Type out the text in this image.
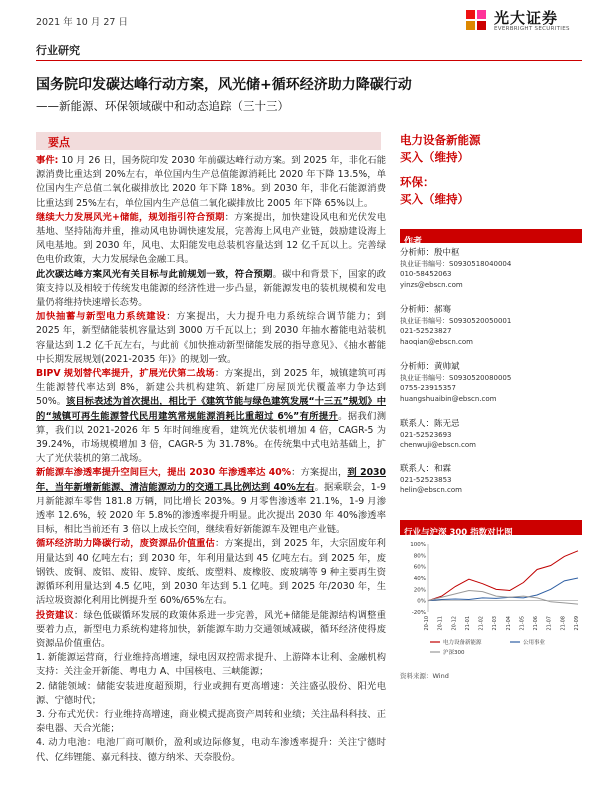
2021 年 10 月 27 日	光大证券
EVERBRIGHT SECURITIES
行业研究
国务院印发碳达峰行动方案，风光储+循环经济助力降碳行动
——新能源、环保领域碳中和动态追踪（三十三）
要点

事件: 10 月 26 日，国务院印发 2030 年前碳达峰行动方案。到 2025 年，非化石能源消费比重达到 20%左右，单位国内生产总值能源消耗比 2020 年下降 13.5%，单位国内生产总值二氧化碳排放比 2020 年下降 18%。到 2030 年，非化石能源消费比重达到 25%左右，单位国内生产总值二氧化碳排放比 2005 年下降 65%以上。

继续大力发展风光+储能，规划指引符合预期：方案提出，加快建设风电和光伏发电基地、坚持陆海并重，推动风电协调快速发展，完善海上风电产业链，鼓励建设海上风电基地。到 2030 年，风电、太阳能发电总装机容量达到 12 亿千瓦以上。完善绿色电价政策，大力发展绿色金融工具。

此次碳达峰方案风光有关目标与此前规划一致，符合预期。碳中和背景下，国家的政策支持以及相较于传统发电能源的经济性进一步凸显，新能源发电的装机规模和发电量仍将维持快速增长态势。

加快抽蓄与新型电力系统建设：方案提出，大力提升电力系统综合调节能力；到 2025 年，新型储能装机容量达到 3000 万千瓦以上；到 2030 年抽水蓄能电站装机容量达到 1.2 亿千瓦左右，与此前《加快推动新型储能发展的指导意见》、《抽水蓄能中长期发展规划(2021-2035 年)》的规划一致。

BIPV 规划替代率提升，扩展光伏第二战场：方案提出，到 2025 年，城镇建筑可再生能源替代率达到 8%，新建公共机构建筑、新建厂房屋顶光伏覆盖率力争达到 50%。该目标表述为首次提出，相比于《建筑节能与绿色建筑发展“十三五”规划》中的“城镇可再生能源替代民用建筑常规能源消耗比重超过 6%”有所提升。据我们测算，我们以 2021-2026 年 5 年时间维度看，建筑光伏装机增加 4 倍，CAGR-5 为 39.24%，市场规模增加 3 倍，CAGR-5 为 31.78%。在传统集中式电站基础上，扩大了光伏装机的第二战场。

新能源车渗透率提升空间巨大，提出 2030 年渗透率达 40%：方案提出，到 2030 年，当年新增新能源、清洁能源动力的交通工具比例达到 40%左右。据乘联会，1-9 月新能源车零售 181.8 万辆，同比增长 203%。9 月零售渗透率 21.1%，1-9 月渗透率 12.6%，较 2020 年 5.8%的渗透率提升明显。此次提出 2030 年 40%渗透率目标，相比当前还有 3 倍以上成长空间，继续看好新能源车及锂电产业链。

循环经济助力降碳行动，废资源品价值重估：方案提出，到 2025 年，大宗固废年利用量达到 40 亿吨左右；到 2030 年，年利用量达到 45 亿吨左右。到 2025 年，废钢铁、废铜、废铝、废铅、废锌、废纸、废塑料、废橡胶、废玻璃等 9 种主要再生资源循环利用量达到 4.5 亿吨，到 2030 年达到 5.1 亿吨。到 2025 年/2030 年，生活垃圾资源化利用比例提升至 60%/65%左右。

投资建议：绿色低碳循环发展的政策体系进一步完善，风光+储能是能源结构调整重要着力点，新型电力系统构建将加快，新能源车助力交通领域减碳，循环经济使得废资源品价值重估。

1. 新能源运营商，行业维持高增速，绿电因双控需求提升、上游降本让利、金融机构支持：关注金开新能、粤电力 A、中国核电、三峡能源；

2. 储能领域：储能安装进度超预期，行业或拥有更高增速：关注盛弘股份、阳光电源、宁德时代；

3. 分布式光伏：行业维持高增速，商业模式提高资产周转和业绩；关注晶科科技、正泰电器、天合光能；

4. 动力电池：电池厂商可顺价，盈利或边际修复，电动车渗透率提升：关注宁德时代、亿纬锂能、嘉元科技、德方纳米、天奈股份。

电力设备新能源
买入（维持）
环保：
买入（维持）
作者
分析师：殷中枢
执业证书编号：S0930518040004
010-58452063
yinzs@ebscn.com
分析师：郝骞
执业证书编号：S0930520050001
021-52523827
haoqian@ebscn.com
分析师：黄帅斌
执业证书编号：S0930520080005
0755-23915357
huangshuaibin@ebscn.com
联系人：陈无忌
021-52523693
chenwuji@ebscn.com
联系人：和霖
021-52523853
helin@ebscn.com
行业与沪深 300 指数对比图
100%
80%
60%
40%
20%
0%
-20%
20-10 20-11 20-12 21-01 21-02 21-03 21-04 21-05 21-06 21-07 21-08 21-09
电力设备新能源	公用事业
沪深300
资料来源：Wind
